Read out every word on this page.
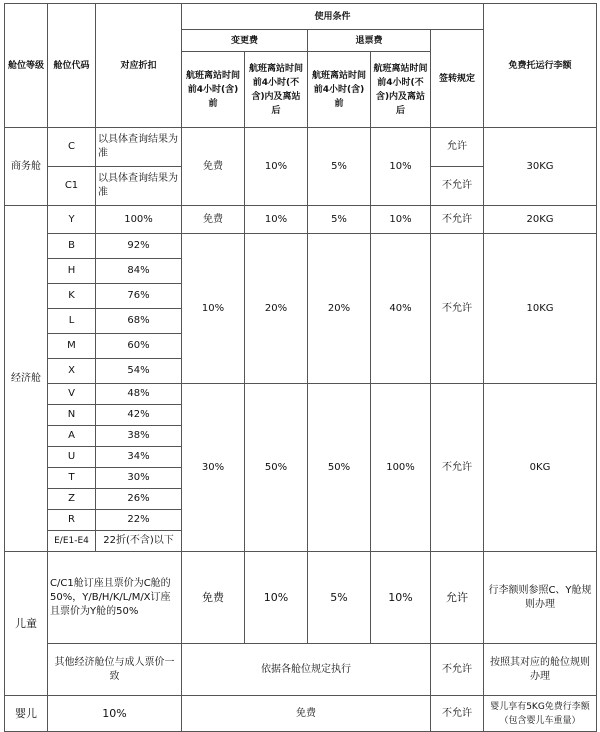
舱位等级	舱位代码	对应折扣	使用条件					免费托运行李额
			变更费		退票费		签转规定	
			航班离站时间前4小时(含)前	航班离站时间前4小时(不含)内及离站后	航班离站时间前4小时(含)前	航班离站时间前4小时(不含)内及离站后		
商务舱	C	以具体查询结果为准	免费	10%	5%	10%	允许	30KG
	C1	以具体查询结果为准					不允许	
经济舱	Y	100%	免费	10%	5%	10%	不允许	20KG
	B	92%	10%	20%	20%	40%	不允许	10KG
	H	84%						
	K	76%						
	L	68%						
	M	60%						
	X	54%						
	V	48%	30%	50%	50%	100%	不允许	0KG
	N	42%						
	A	38%						
	U	34%						
	T	30%						
	Z	26%						
	R	22%						
	E/E1-E4	22折(不含)以下						
儿童	C/C1舱订座且票价为C舱的50%，Y/B/H/K/L/M/X订座且票价为Y舱的50%		免费	10%	5%	10%	允许	行李额则参照C、Y舱规则办理
	其他经济舱位与成人票价一致		依据各舱位规定执行				不允许	按照其对应的舱位规则办理
婴儿	10%		免费				不允许	婴儿享有5KG免费行李额（包含婴儿车重量）
